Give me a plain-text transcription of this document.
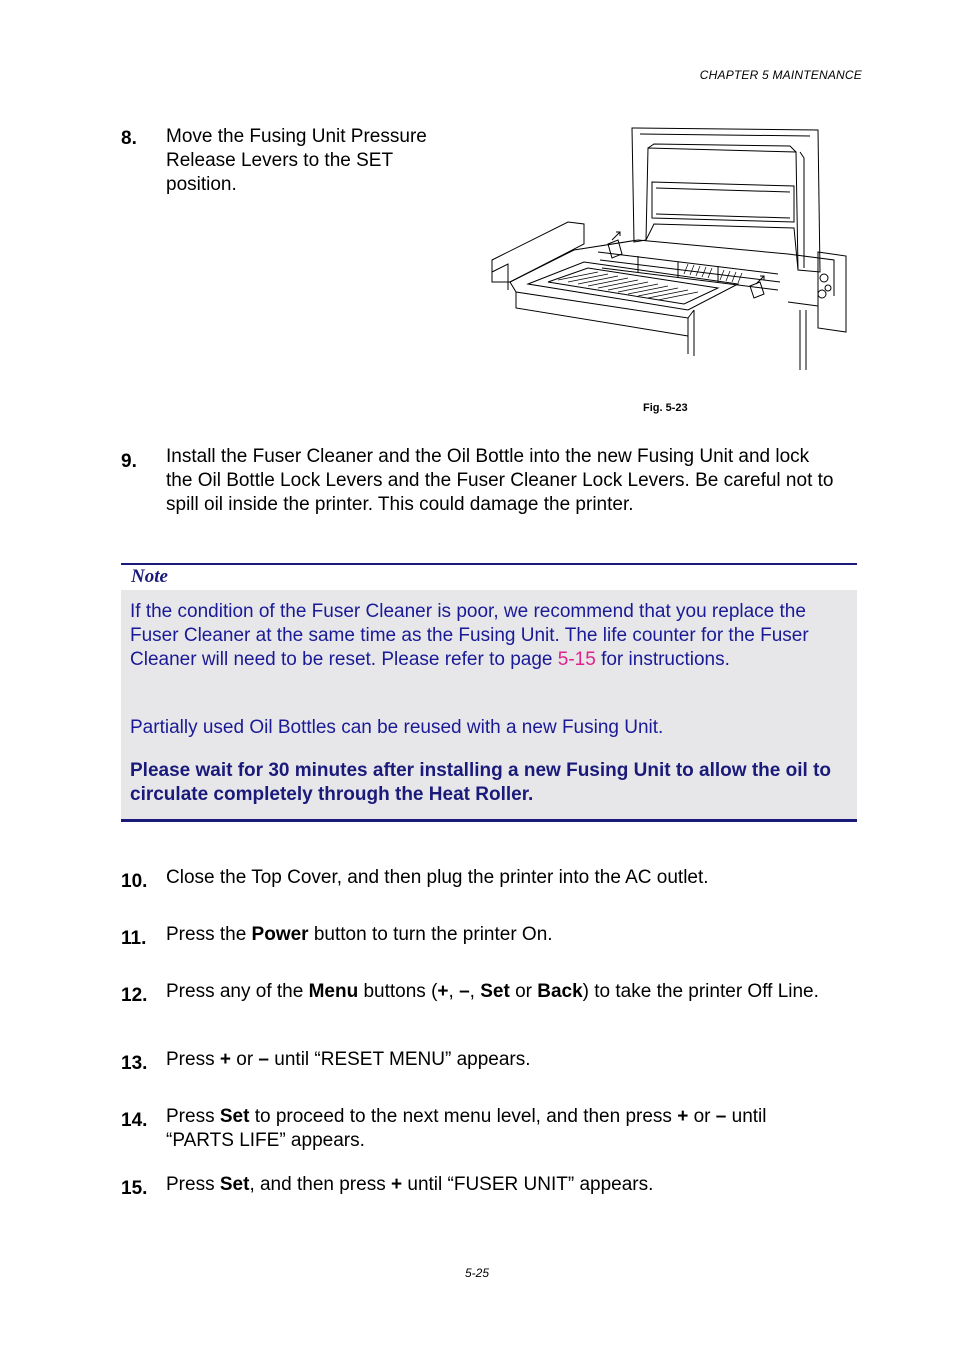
CHAPTER 5 MAINTENANCE
8. Move the Fusing Unit Pressure Release Levers to the SET position.
Fig. 5-23
9. Install the Fuser Cleaner and the Oil Bottle into the new Fusing Unit and lock the Oil Bottle Lock Levers and the Fuser Cleaner Lock Levers. Be careful not to spill oil inside the printer. This could damage the printer.
Note
If the condition of the Fuser Cleaner is poor, we recommend that you replace the Fuser Cleaner at the same time as the Fusing Unit. The life counter for the Fuser Cleaner will need to be reset. Please refer to page 5-15 for instructions.
Partially used Oil Bottles can be reused with a new Fusing Unit.
Please wait for 30 minutes after installing a new Fusing Unit to allow the oil to circulate completely through the Heat Roller.
10. Close the Top Cover, and then plug the printer into the AC outlet.
11. Press the Power button to turn the printer On.
12. Press any of the Menu buttons (+, –, Set or Back) to take the printer Off Line.
13. Press + or – until “RESET MENU” appears.
14. Press Set to proceed to the next menu level, and then press + or – until “PARTS LIFE” appears.
15. Press Set, and then press + until “FUSER UNIT” appears.
5-25
